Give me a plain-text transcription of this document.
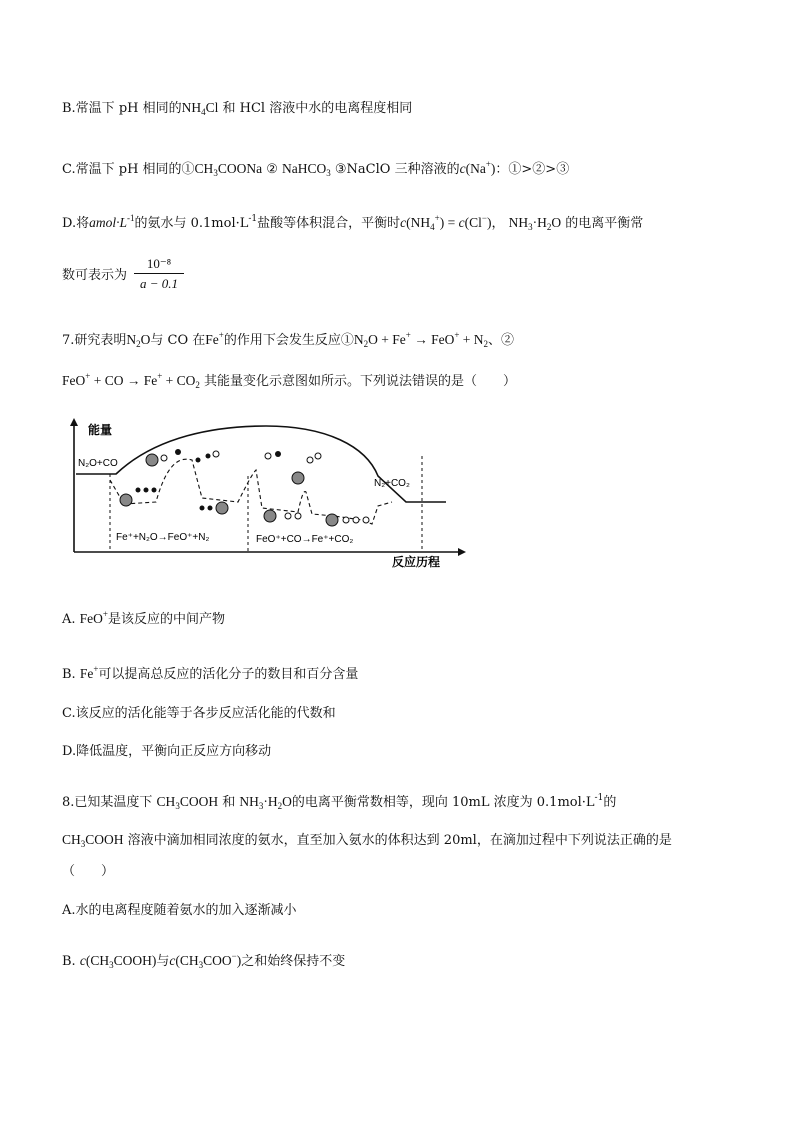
B.常温下 pH 相同的$NH_4Cl$ 和 HCl 溶液中水的电离程度相同
C.常温下 pH 相同的$①CH_3COONa$ ② NaHCO$_3$ ③NaClO 三种溶液的c(Na+)：①>②>③
D.将$amol\cdot L^{-1}$的氨水与 $0.1mol\cdot L^{-1}$盐酸等体积混合，平衡时$c(NH_4^+) = c(Cl^-)$， $NH_3\cdot H_2O$ 的电离平衡常
数可表示为 $\frac{\text{10⁻⁸}}{a - 0.1}$
7.研究表明$N_2O$与 CO 在Fe+的作用下会发生反应$①N_2O + Fe^+ \to FeO^+ + N_2$、②
FeO+ + CO → $Fe^+ + CO_2$ 其能量变化示意图如所示。下列说法错误的是（　　）
能量
反应历程
N₂O+CO
N₂+CO₂
Fe⁺+N₂O→FeO⁺+N₂	FeO⁺+CO→Fe⁺+CO₂
A. FeO+是该反应的中间产物
B. Fe+可以提高总反应的活化分子的数目和百分含量
C.该反应的活化能等于各步反应活化能的代数和
D.降低温度，平衡向正反应方向移动
8.已知某温度下 $CH_3COOH$ 和 $NH_3\cdot H_2O$的电离平衡常数相等，现向 10mL 浓度为 $0.1mol\cdot L^{-1}$的
$CH_3COOH$ 溶液中滴加相同浓度的氨水，直至加入氨水的体积达到 20ml，在滴加过程中下列说法正确的是
（　　）
A.水的电离程度随着氨水的加入逐渐减小
B. $c(CH_3COOH)$与$c(CH_3COO^-)$之和始终保持不变
